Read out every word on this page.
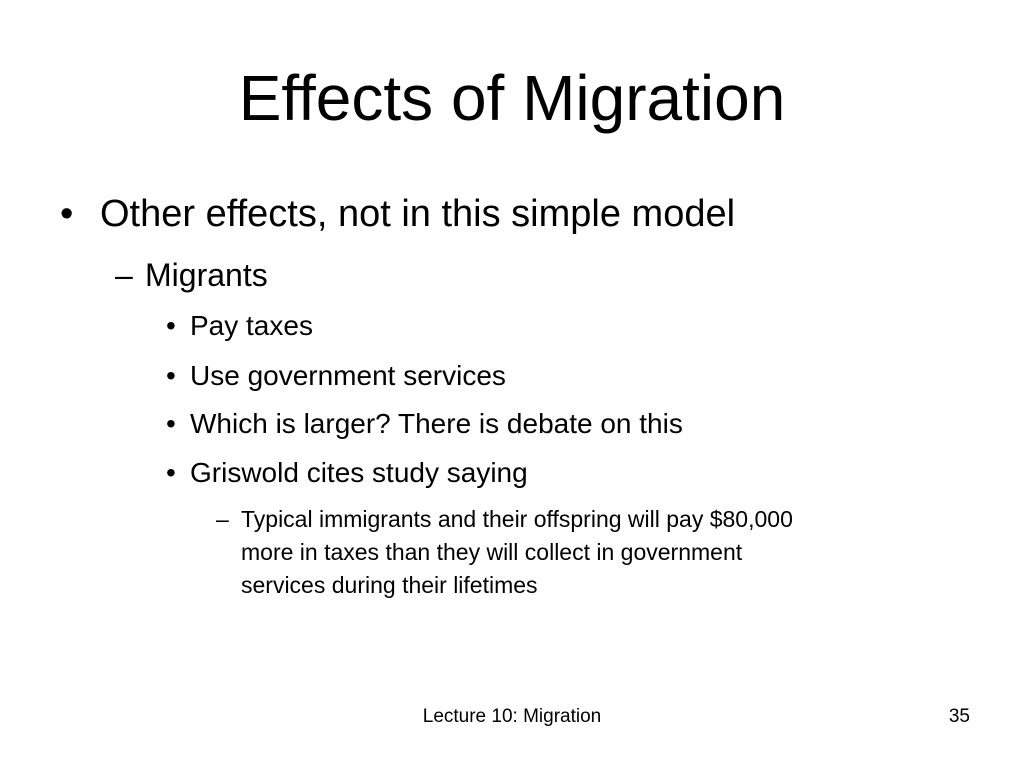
Effects of Migration
• Other effects, not in this simple model
– Migrants
• Pay taxes
• Use government services
• Which is larger? There is debate on this
• Griswold cites study saying
– Typical immigrants and their offspring will pay $80,000
more in taxes than they will collect in government
services during their lifetimes
Lecture 10: Migration	35
